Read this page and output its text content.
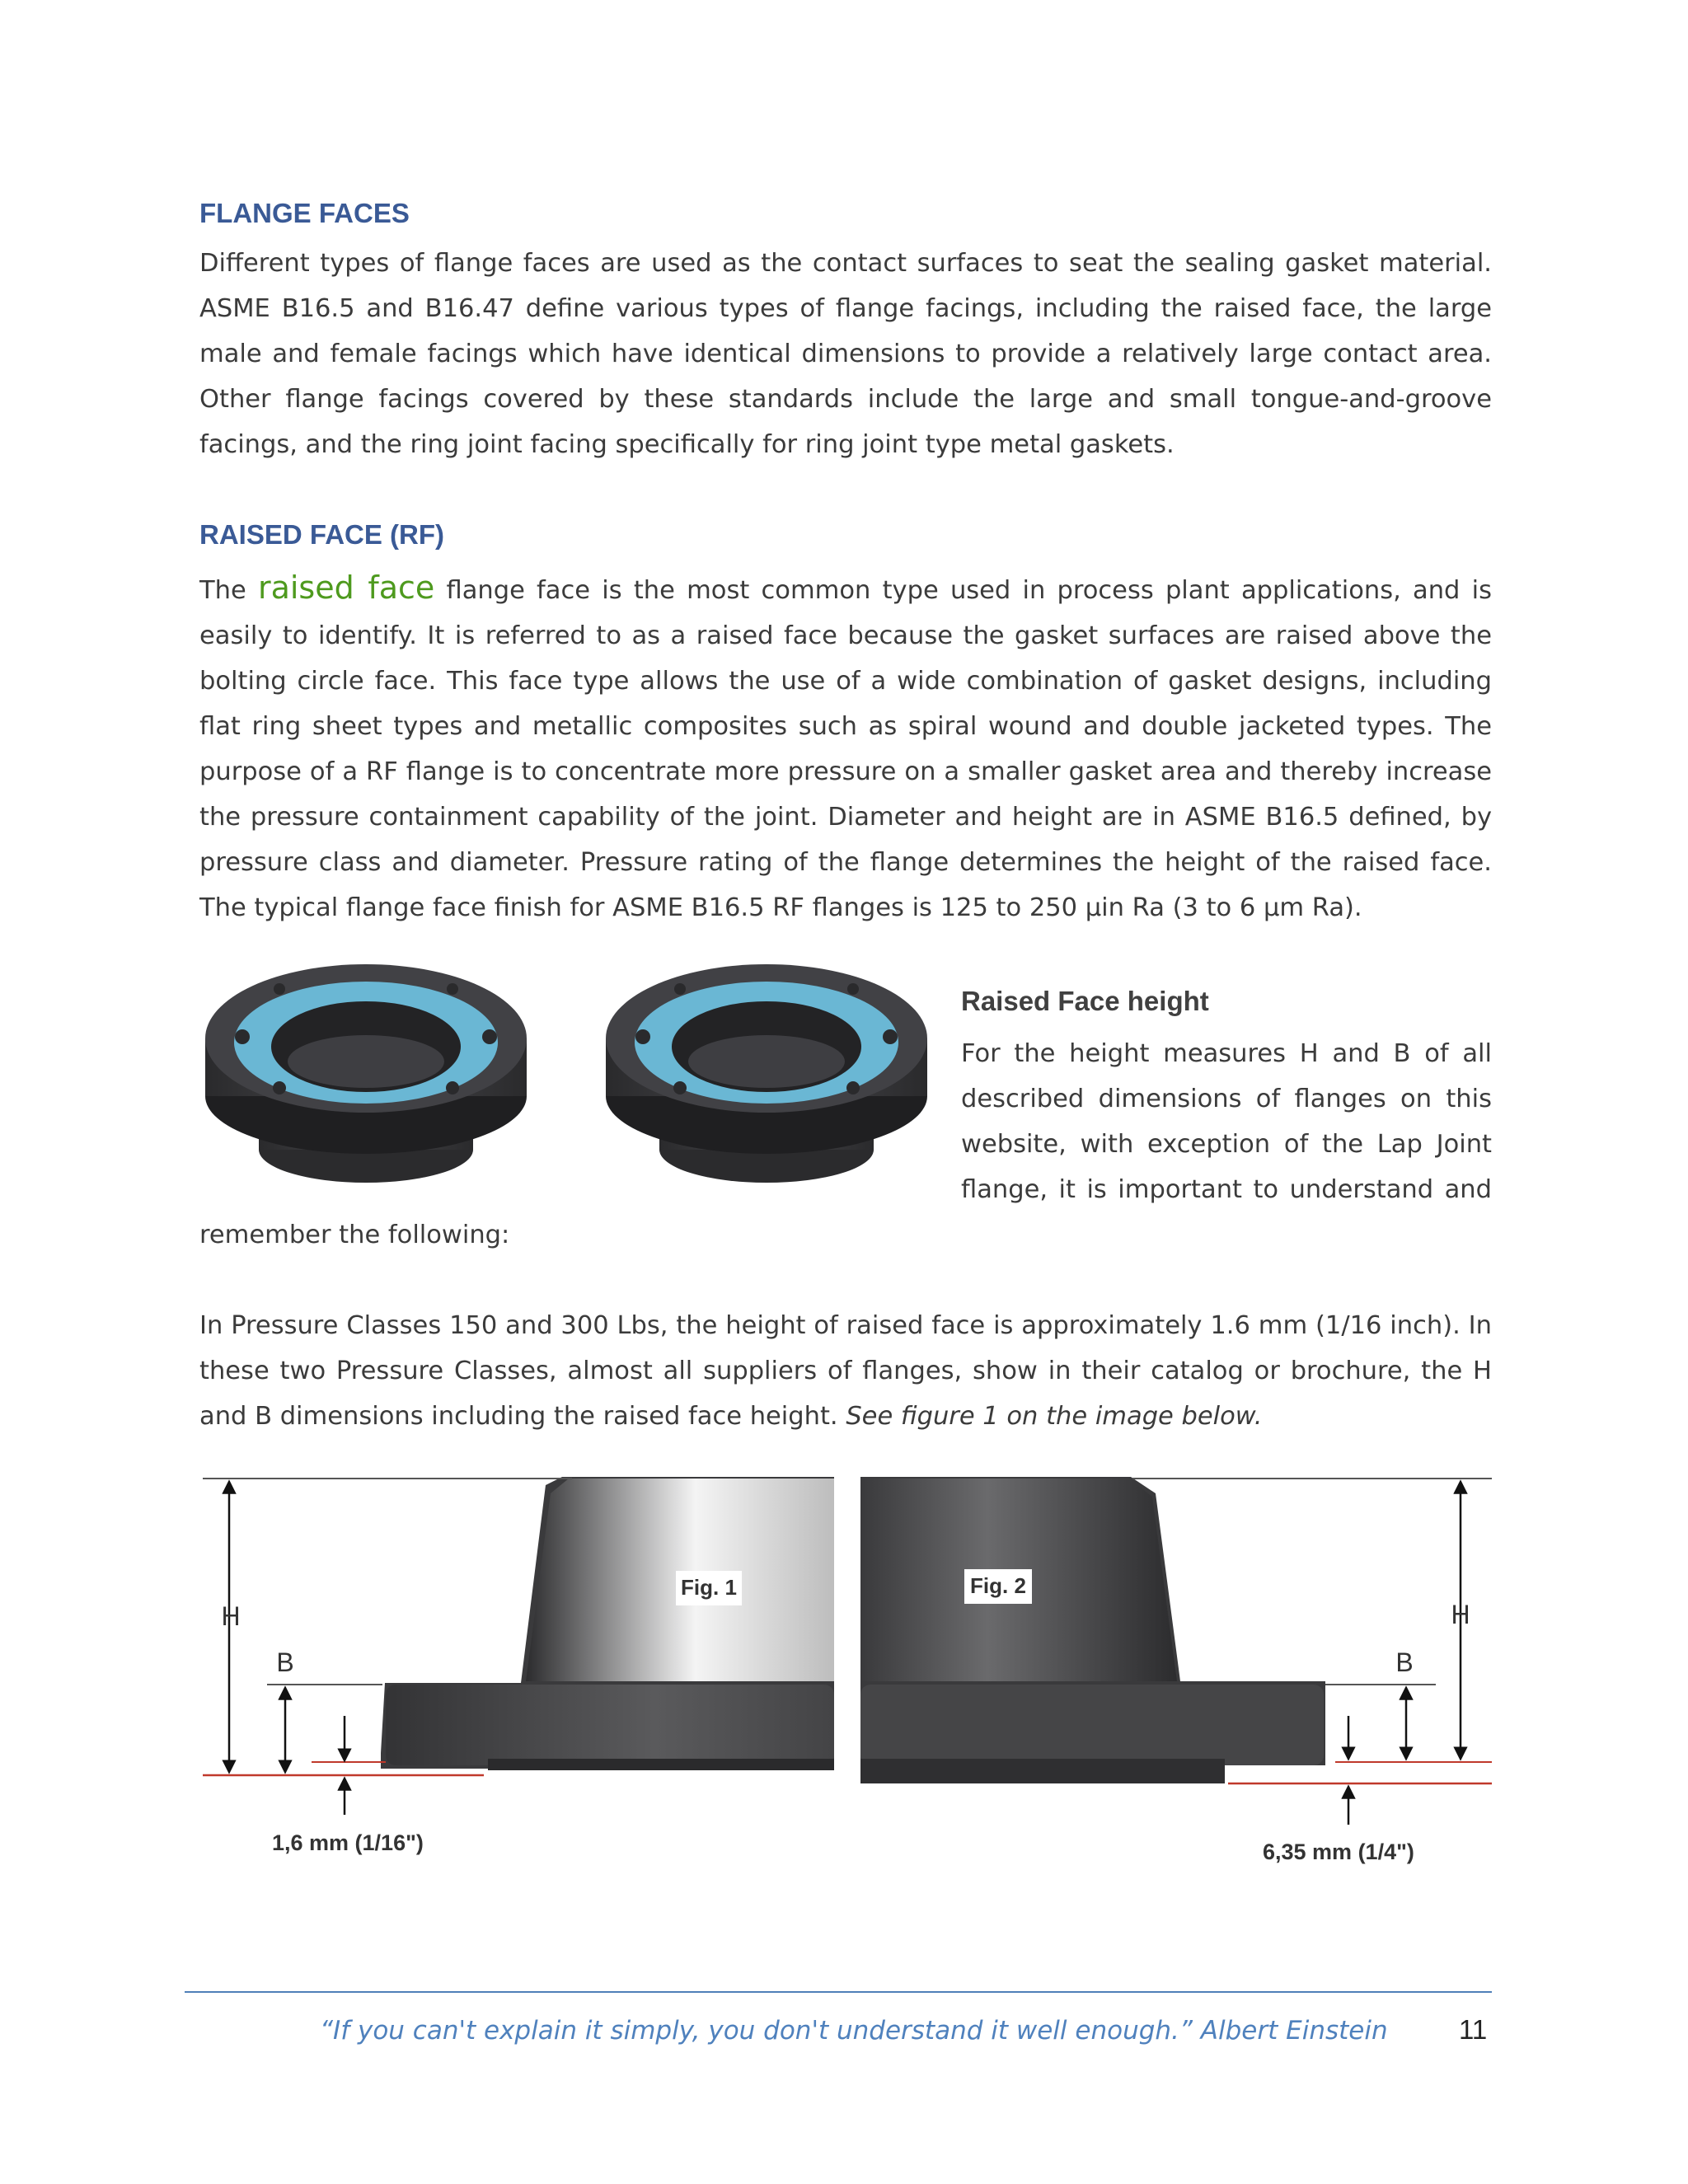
FLANGE FACES

Different types of flange faces are used as the contact surfaces to seat the sealing gasket material. ASME B16.5 and B16.47 define various types of flange facings, including the raised face, the large male and female facings which have identical dimensions to provide a relatively large contact area. Other flange facings covered by these standards include the large and small tongue-and-groove facings, and the ring joint facing specifically for ring joint type metal gaskets.

RAISED FACE (RF)

The raised face flange face is the most common type used in process plant applications, and is easily to identify. It is referred to as a raised face because the gasket surfaces are raised above the bolting circle face. This face type allows the use of a wide combination of gasket designs, including flat ring sheet types and metallic composites such as spiral wound and double jacketed types. The purpose of a RF flange is to concentrate more pressure on a smaller gasket area and thereby increase the pressure containment capability of the joint. Diameter and height are in ASME B16.5 defined, by pressure class and diameter. Pressure rating of the flange determines the height of the raised face. The typical flange face finish for ASME B16.5 RF flanges is 125 to 250 µin Ra (3 to 6 µm Ra).

Raised Face height

For the height measures H and B of all described dimensions of flanges on this website, with exception of the Lap Joint flange, it is important to understand and

remember the following:

In Pressure Classes 150 and 300 Lbs, the height of raised face is approximately 1.6 mm (1/16 inch). In these two Pressure Classes, almost all suppliers of flanges, show in their catalog or brochure, the H and B dimensions including the raised face height. See figure 1 on the image below.

Fig. 1	Fig. 2
H
B
1,6 mm (1/16")
H
B
6,35 mm (1/4")

“If you can't explain it simply, you don't understand it well enough.” Albert Einstein	11
